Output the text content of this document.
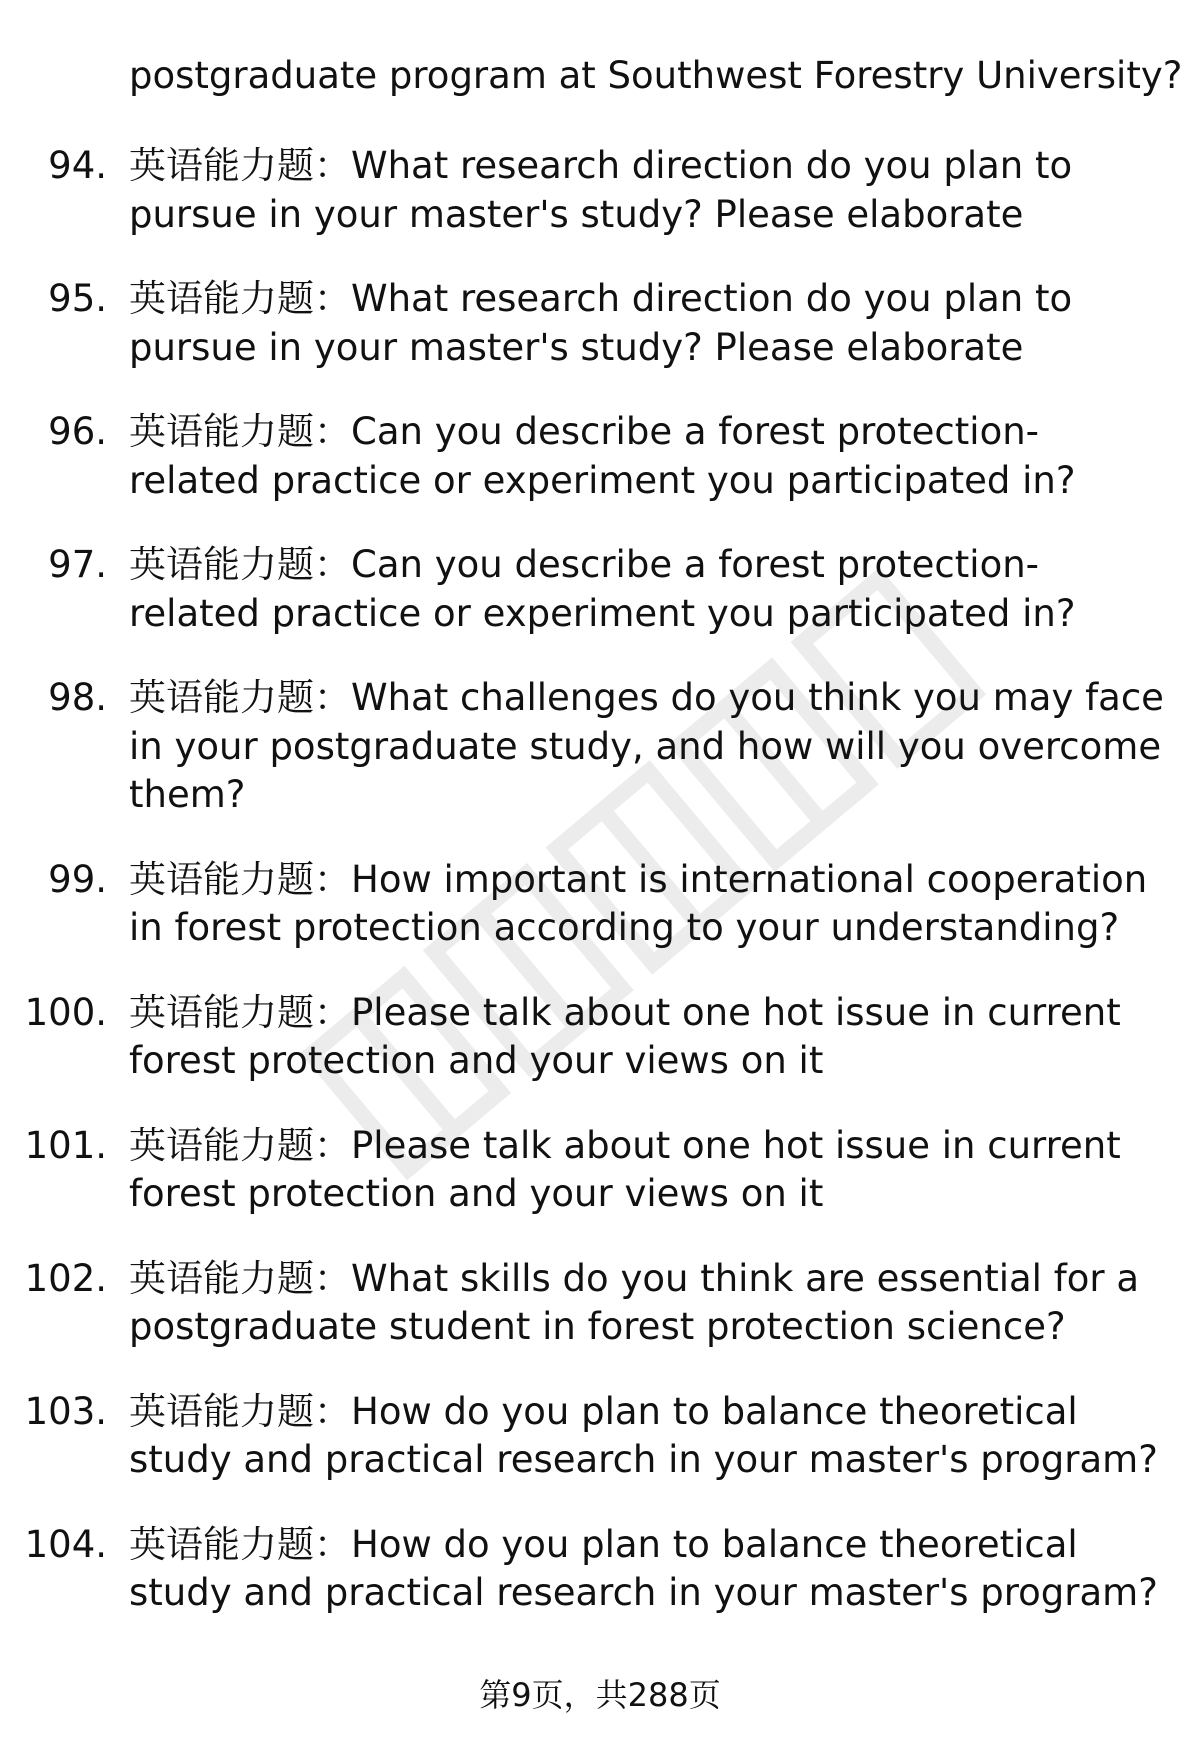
postgraduate program at Southwest Forestry University?

94. 英语能力题：What research direction do you plan to pursue in your master's study? Please elaborate
95. 英语能力题：What research direction do you plan to pursue in your master's study? Please elaborate
96. 英语能力题：Can you describe a forest protection-related practice or experiment you participated in?
97. 英语能力题：Can you describe a forest protection-related practice or experiment you participated in?
98. 英语能力题：What challenges do you think you may face in your postgraduate study, and how will you overcome them?
99. 英语能力题：How important is international cooperation in forest protection according to your understanding?
100. 英语能力题：Please talk about one hot issue in current forest protection and your views on it
101. 英语能力题：Please talk about one hot issue in current forest protection and your views on it
102. 英语能力题：What skills do you think are essential for a postgraduate student in forest protection science?
103. 英语能力题：How do you plan to balance theoretical study and practical research in your master's program?
104. 英语能力题：How do you plan to balance theoretical study and practical research in your master's program?
第9页，共288页
